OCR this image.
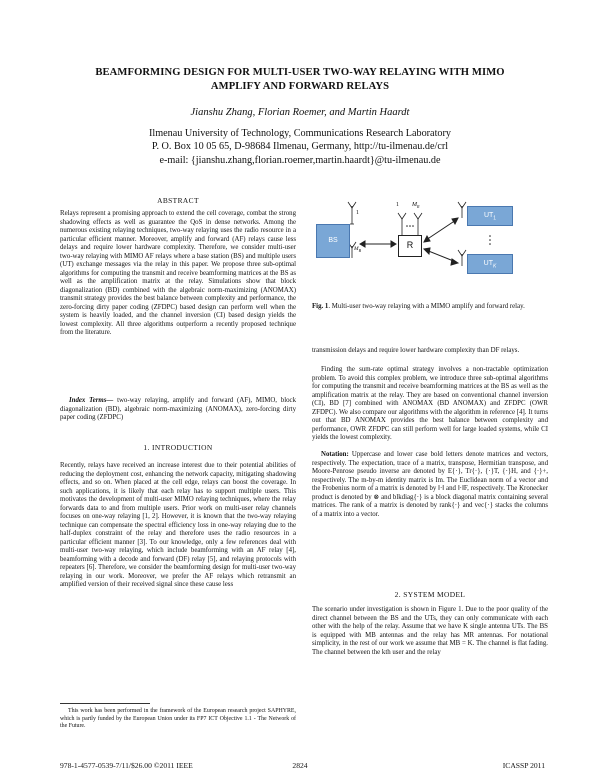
BEAMFORMING DESIGN FOR MULTI-USER TWO-WAY RELAYING WITH MIMO
AMPLIFY AND FORWARD RELAYS
Jianshu Zhang, Florian Roemer, and Martin Haardt
Ilmenau University of Technology, Communications Research Laboratory
P. O. Box 10 05 65, D-98684 Ilmenau, Germany, http://tu-ilmenau.de/crl
e-mail: {jianshu.zhang,florian.roemer,martin.haardt}@tu-ilmenau.de
ABSTRACT
Relays represent a promising approach to extend the cell coverage, combat the strong shadowing effects as well as guarantee the QoS in dense networks. Among the numerous existing relaying techniques, two-way relaying uses the radio resource in a particular efficient manner. Moreover, amplify and forward (AF) relays cause less delays and require lower hardware complexity. Therefore, we consider multi-user two-way relaying with MIMO AF relays where a base station (BS) and multiple users (UT) exchange messages via the relay in this paper. We propose three sub-optimal algorithms for computing the transmit and receive beamforming matrices at the BS as well as the amplification matrix at the relay. Simulations show that block diagonalization (BD) combined with the algebraic norm-maximizing (ANOMAX) transmit strategy provides the best balance between complexity and performance, the zero-forcing dirty paper coding (ZFDPC) based design can perform well when the system is heavily loaded, and the channel inversion (CI) based design yields the lowest complexity. All three algorithms outperform a recently proposed technique from the literature.
Index Terms— two-way relaying, amplify and forward (AF), MIMO, block diagonalization (BD), algebraic norm-maximizing (ANOMAX), zero-forcing dirty paper coding (ZFDPC)
1. INTRODUCTION
Recently, relays have received an increase interest due to their potential abilities of reducing the deployment cost, enhancing the network capacity, mitigating shadowing effects, and so on. When placed at the cell edge, relays can boost the coverage. In such applications, it is likely that each relay has to support multiple users. This motivates the development of multi-user MIMO relaying techniques, where the relay forwards data to and from multiple users. Prior work on multi-user relay channels focuses on one-way relaying [1, 2]. However, it is known that the two-way relaying technique can compensate the spectral efficiency loss in one-way relaying due to the half-duplex constraint of the relay and therefore uses the radio resources in a particular efficient manner [3]. To our knowledge, only a few references deal with multi-user two-way relaying, which include beamforming with an AF relay [4], beamforming with a decode and forward (DF) relay [5], and relaying protocols with repeaters [6]. Therefore, we consider the beamforming design for multi-user two-way relaying in our work. Moreover, we prefer the AF relays which retransmit an amplified version of their received signal since these cause less
This work has been performed in the framework of the European research project SAPHYRE, which is partly funded by the European Union under its FP7 ICT Objective 1.1 - The Network of the Future.
BS	R
$UT_1$
$UT_K$
1
$M_B$
1 $M_R$
Fig. 1. Multi-user two-way relaying with a MIMO amplify and forward relay.
transmission delays and require lower hardware complexity than DF relays.
Finding the sum-rate optimal strategy involves a non-tractable optimization problem. To avoid this complex problem, we introduce three sub-optimal algorithms for computing the transmit and receive beamforming matrices at the BS as well as the amplification matrix at the relay. They are based on conventional channel inversion (CI), BD [7] combined with ANOMAX (BD ANOMAX) and ZFDPC (OWR ZFDPC). We also compare our algorithms with the algorithm in reference [4]. It turns out that BD ANOMAX provides the best balance between complexity and performance, OWR ZFDPC can still perform well for large loaded systems, while CI yields the lowest complexity.
Notation: Uppercase and lower case bold letters denote matrices and vectors, respectively. The expectation, trace of a matrix, transpose, Hermitian transpose, and Moore-Penrose pseudo inverse are denoted by E{·}, Tr{·}, {·}T, {·}H, and {·}+, respectively. The m-by-m identity matrix is Im. The Euclidean norm of a vector and the Frobenius norm of a matrix is denoted by ‖·‖ and ‖·‖F, respectively. The Kronecker product is denoted by ⊗ and blkdiag{·} is a block diagonal matrix containing several matrices. The rank of a matrix is denoted by rank{·} and vec{·} stacks the columns of a matrix into a vector.
2. SYSTEM MODEL
The scenario under investigation is shown in Figure 1. Due to the poor quality of the direct channel between the BS and the UTs, they can only communicate with each other with the help of the relay. Assume that we have K single antenna UTs. The BS is equipped with MB antennas and the relay has MR antennas. For notational simplicity, in the rest of our work we assume that MB = K. The channel is flat fading. The channel between the kth user and the relay
978-1-4577-0539-7/11/$26.00 ©2011 IEEE	2824	ICASSP 2011
